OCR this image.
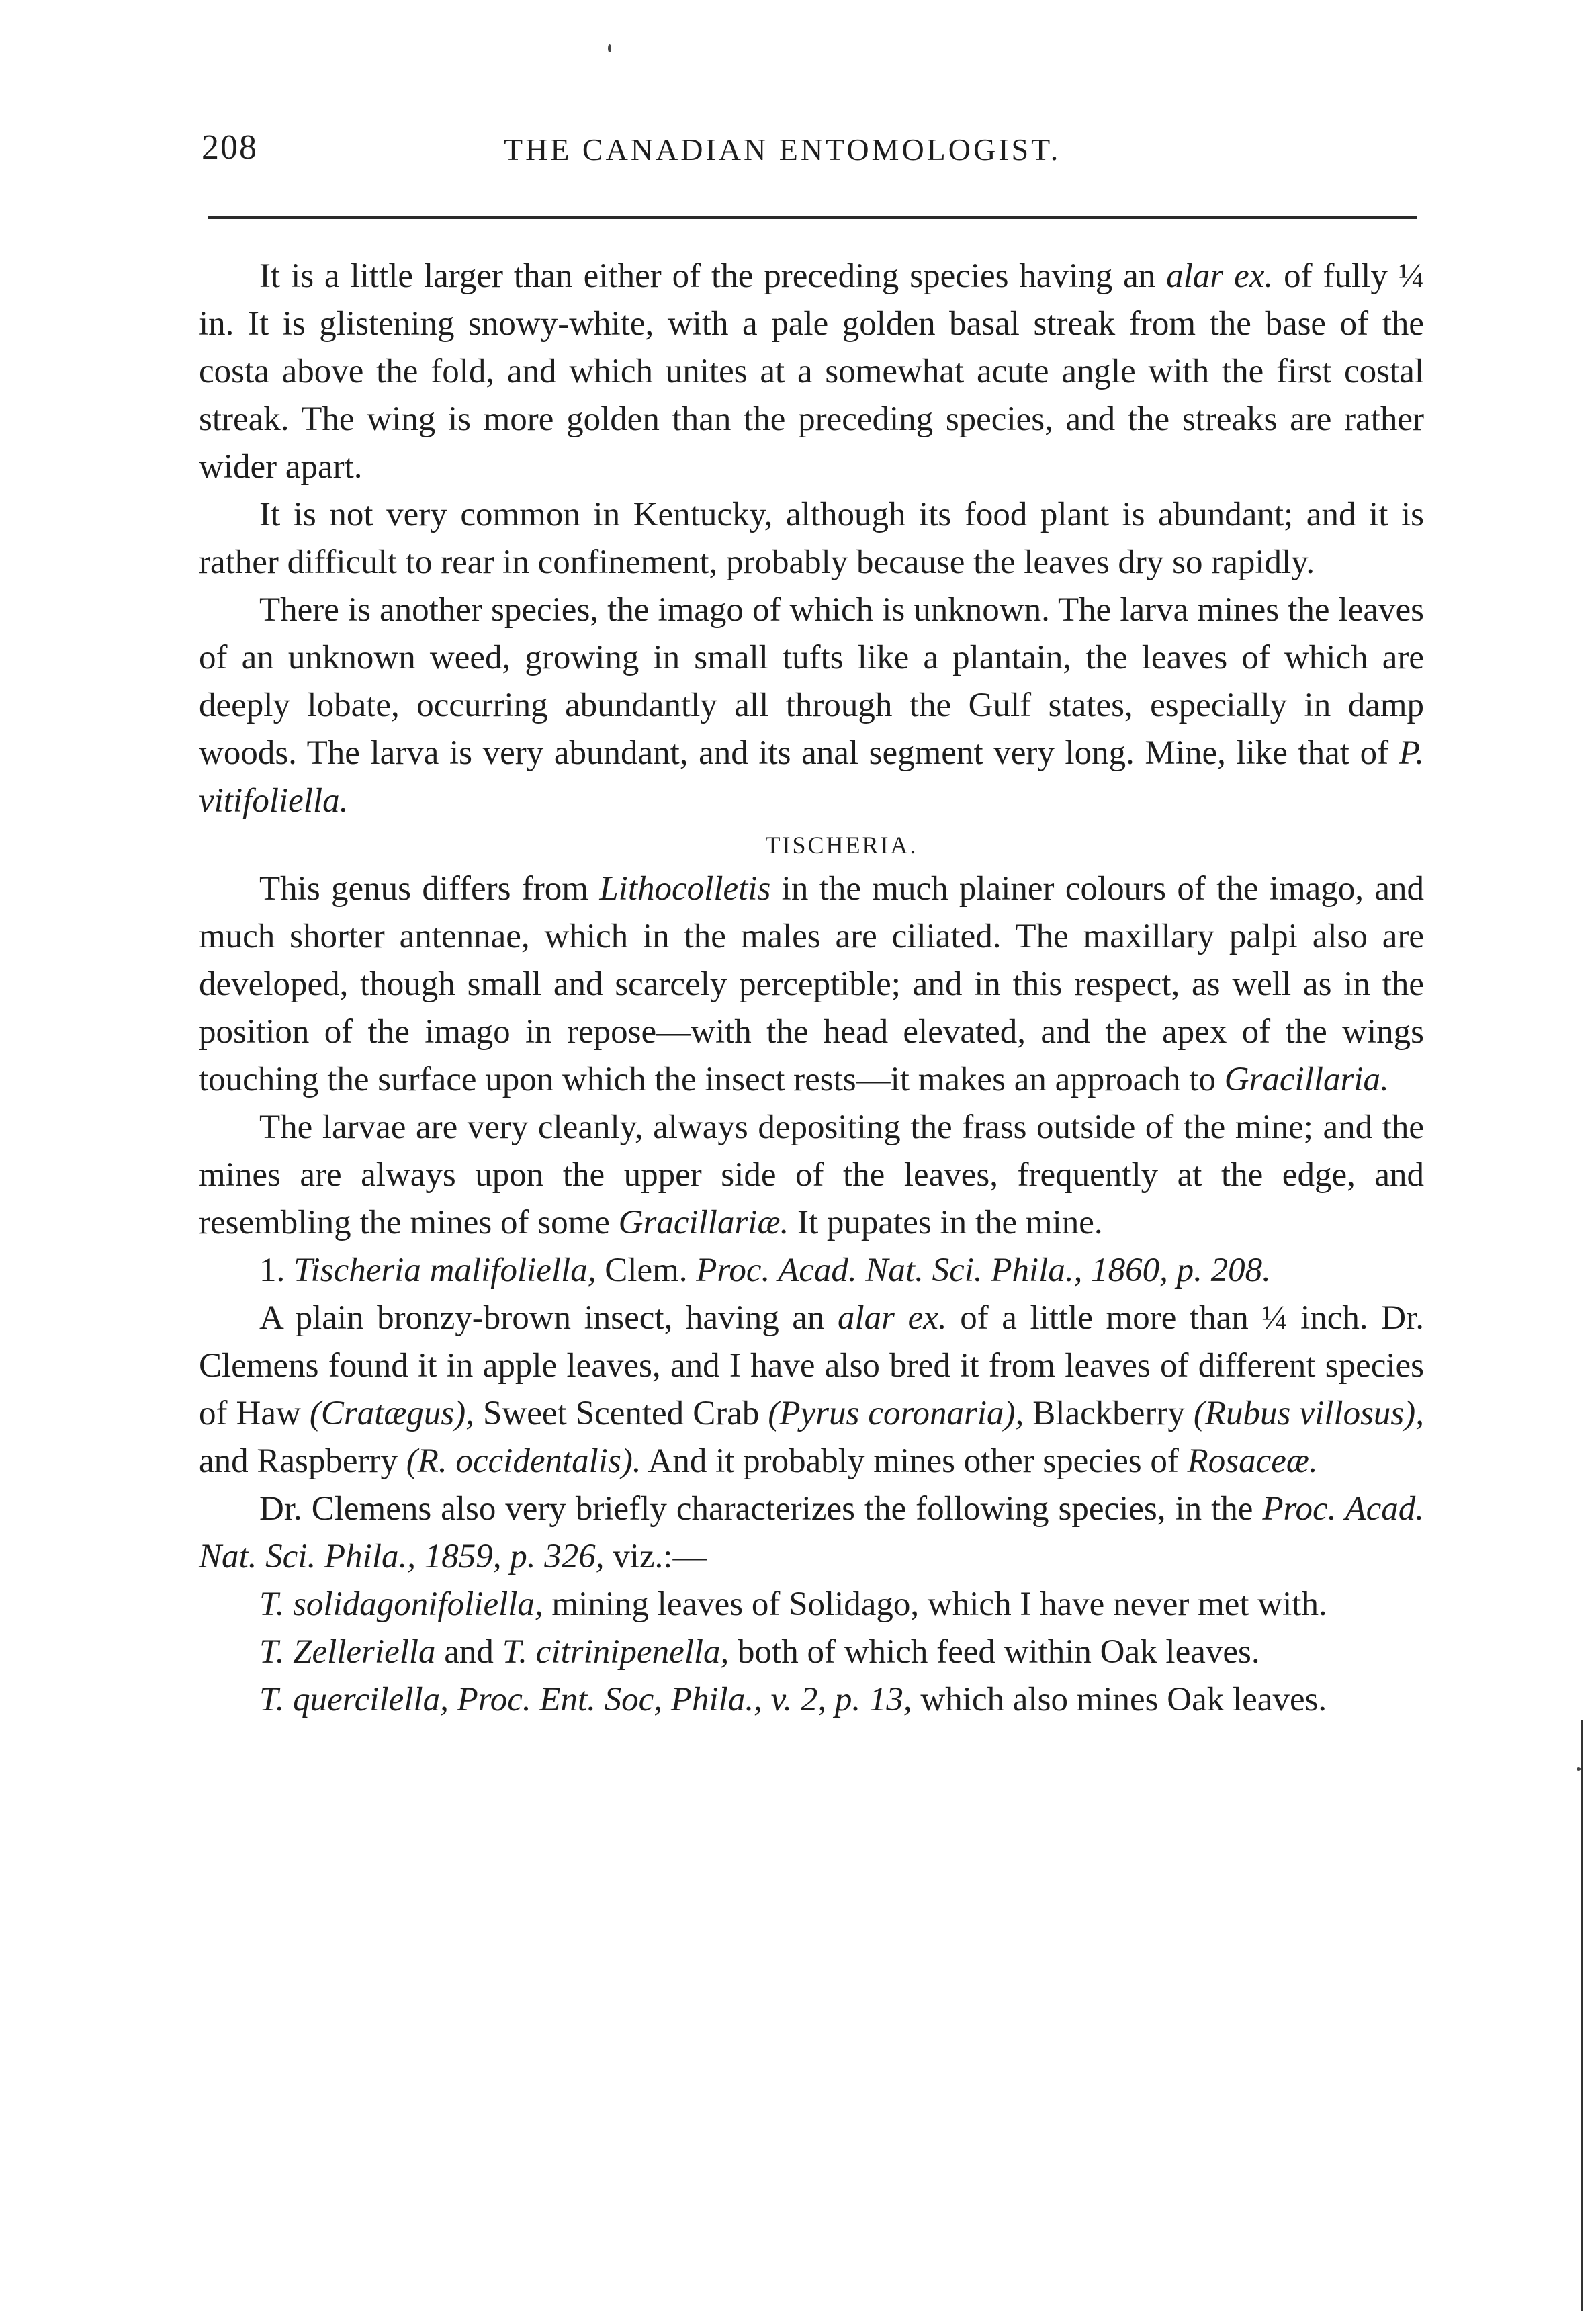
208	THE CANADIAN ENTOMOLOGIST.

It is a little larger than either of the preceding species having an alar ex. of fully ¼ in. It is glistening snowy-white, with a pale golden basal streak from the base of the costa above the fold, and which unites at a somewhat acute angle with the first costal streak. The wing is more golden than the preceding species, and the streaks are rather wider apart.

It is not very common in Kentucky, although its food plant is abundant; and it is rather difficult to rear in confinement, probably because the leaves dry so rapidly.

There is another species, the imago of which is unknown. The larva mines the leaves of an unknown weed, growing in small tufts like a plantain, the leaves of which are deeply lobate, occurring abundantly all through the Gulf states, especially in damp woods. The larva is very abundant, and its anal segment very long. Mine, like that of P. vitifoliella.

TISCHERIA.

This genus differs from Lithocolletis in the much plainer colours of the imago, and much shorter antennae, which in the males are ciliated. The maxillary palpi also are developed, though small and scarcely perceptible; and in this respect, as well as in the position of the imago in repose—with the head elevated, and the apex of the wings touching the surface upon which the insect rests—it makes an approach to Gracillaria.

The larvae are very cleanly, always depositing the frass outside of the mine; and the mines are always upon the upper side of the leaves, frequently at the edge, and resembling the mines of some Gracillariæ. It pupates in the mine.

1. Tischeria malifoliella, Clem. Proc. Acad. Nat. Sci. Phila., 1860, p. 208.

A plain bronzy-brown insect, having an alar ex. of a little more than ¼ inch. Dr. Clemens found it in apple leaves, and I have also bred it from leaves of different species of Haw (Cratægus), Sweet Scented Crab (Pyrus coronaria), Blackberry (Rubus villosus), and Raspberry (R. occidentalis). And it probably mines other species of Rosaceæ.

Dr. Clemens also very briefly characterizes the following species, in the Proc. Acad. Nat. Sci. Phila., 1859, p. 326, viz.:—

T. solidagonifoliella, mining leaves of Solidago, which I have never met with.

T. Zelleriella and T. citrinipenella, both of which feed within Oak leaves.

T. quercilella, Proc. Ent. Soc, Phila., v. 2, p. 13, which also mines Oak leaves.
